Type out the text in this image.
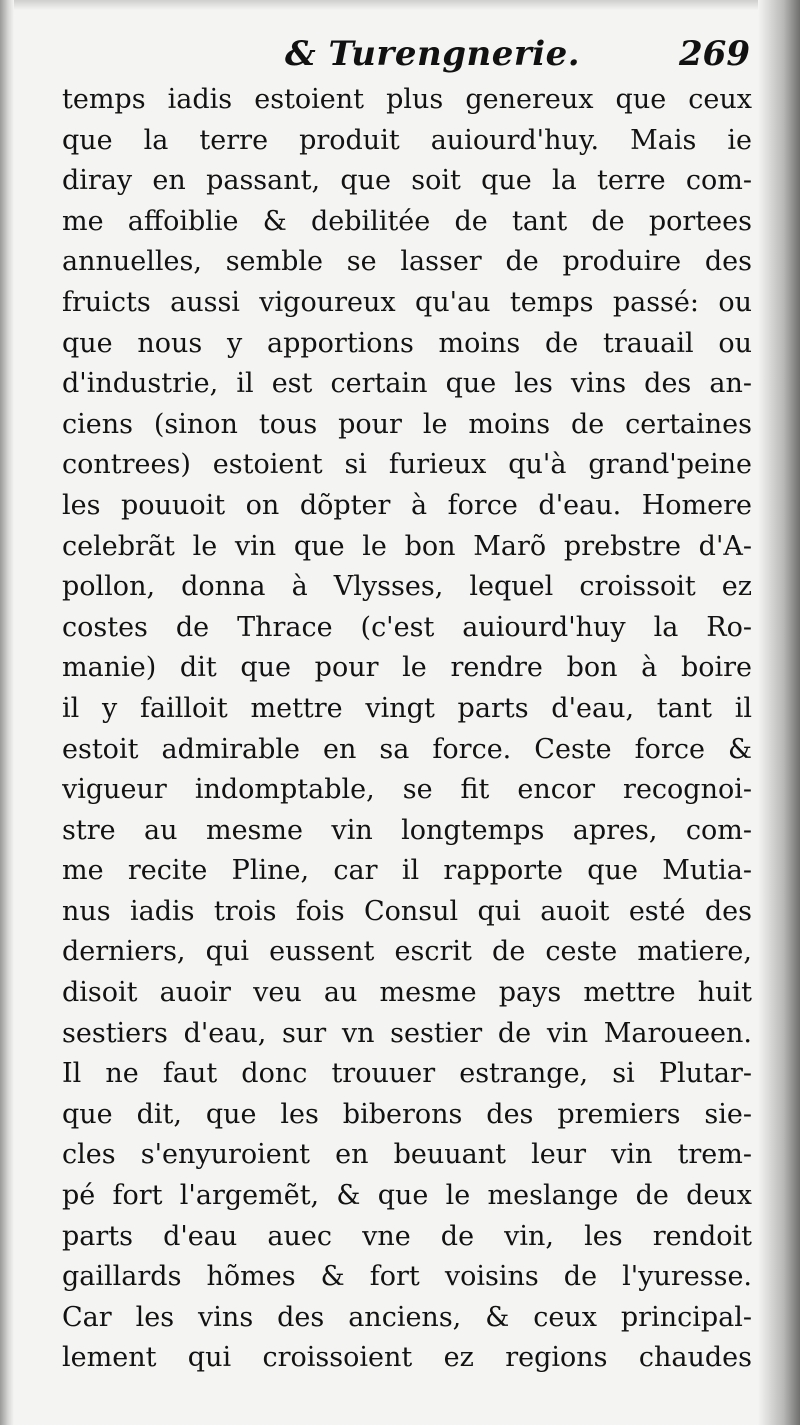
& Turengnerie.	269
temps iadis estoient plus genereux que ceux
que la terre produit auiourd'huy. Mais ie
diray en passant, que soit que la terre com-
me affoiblie & debilitée de tant de portees
annuelles, semble se lasser de produire des
fruicts aussi vigoureux qu'au temps passé: ou
que nous y apportions moins de trauail ou
d'industrie, il est certain que les vins des an-
ciens (sinon tous pour le moins de certaines
contrees) estoient si furieux qu'à grand'peine
les pouuoit on dõpter à force d'eau. Homere
celebrãt le vin que le bon Marõ prebstre d'A-
pollon, donna à Vlysses, lequel croissoit ez
costes de Thrace (c'est auiourd'huy la Ro-
manie) dit que pour le rendre bon à boire
il y failloit mettre vingt parts d'eau, tant il
estoit admirable en sa force. Ceste force &
vigueur indomptable, se fit encor recognoi-
stre au mesme vin longtemps apres, com-
me recite Pline, car il rapporte que Mutia-
nus iadis trois fois Consul qui auoit esté des
derniers, qui eussent escrit de ceste matiere,
disoit auoir veu au mesme pays mettre huit
sestiers d'eau, sur vn sestier de vin Maroueen.
Il ne faut donc trouuer estrange, si Plutar-
que dit, que les biberons des premiers sie-
cles s'enyuroient en beuuant leur vin trem-
pé fort l'argemẽt, & que le meslange de deux
parts d'eau auec vne de vin, les rendoit
gaillards hõmes & fort voisins de l'yuresse.
Car les vins des anciens, & ceux principal-
lement qui croissoient ez regions chaudes
